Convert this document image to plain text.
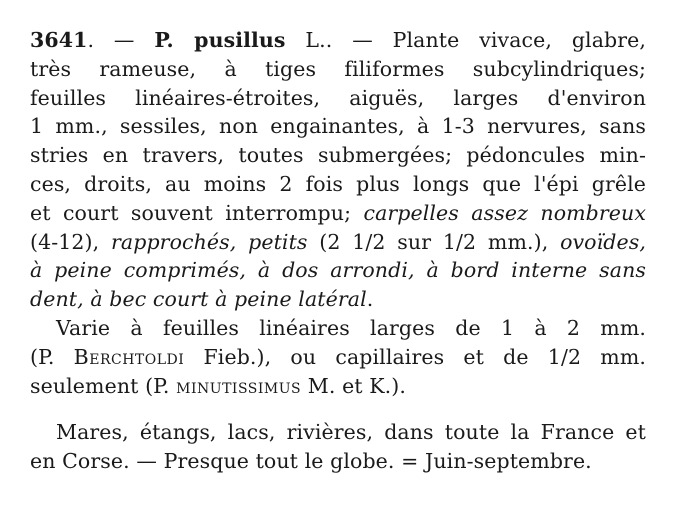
3641. — P. pusillus L.. — Plante vivace, glabre,
très rameuse, à tiges filiformes subcylindriques;
feuilles linéaires-étroites, aiguës, larges d'environ
1 mm., sessiles, non engainantes, à 1-3 nervures, sans
stries en travers, toutes submergées; pédoncules min-
ces, droits, au moins 2 fois plus longs que l'épi grêle
et court souvent interrompu; carpelles assez nombreux
(4-12), rapprochés, petits (2 1/2 sur 1/2 mm.), ovoïdes,
à peine comprimés, à dos arrondi, à bord interne sans
dent, à bec court à peine latéral.
Varie à feuilles linéaires larges de 1 à 2 mm.
(P. Berchtoldi Fieb.), ou capillaires et de 1/2 mm.
seulement (P. minutissimus M. et K.).
Mares, étangs, lacs, rivières, dans toute la France et
en Corse. — Presque tout le globe. = Juin-septembre.
